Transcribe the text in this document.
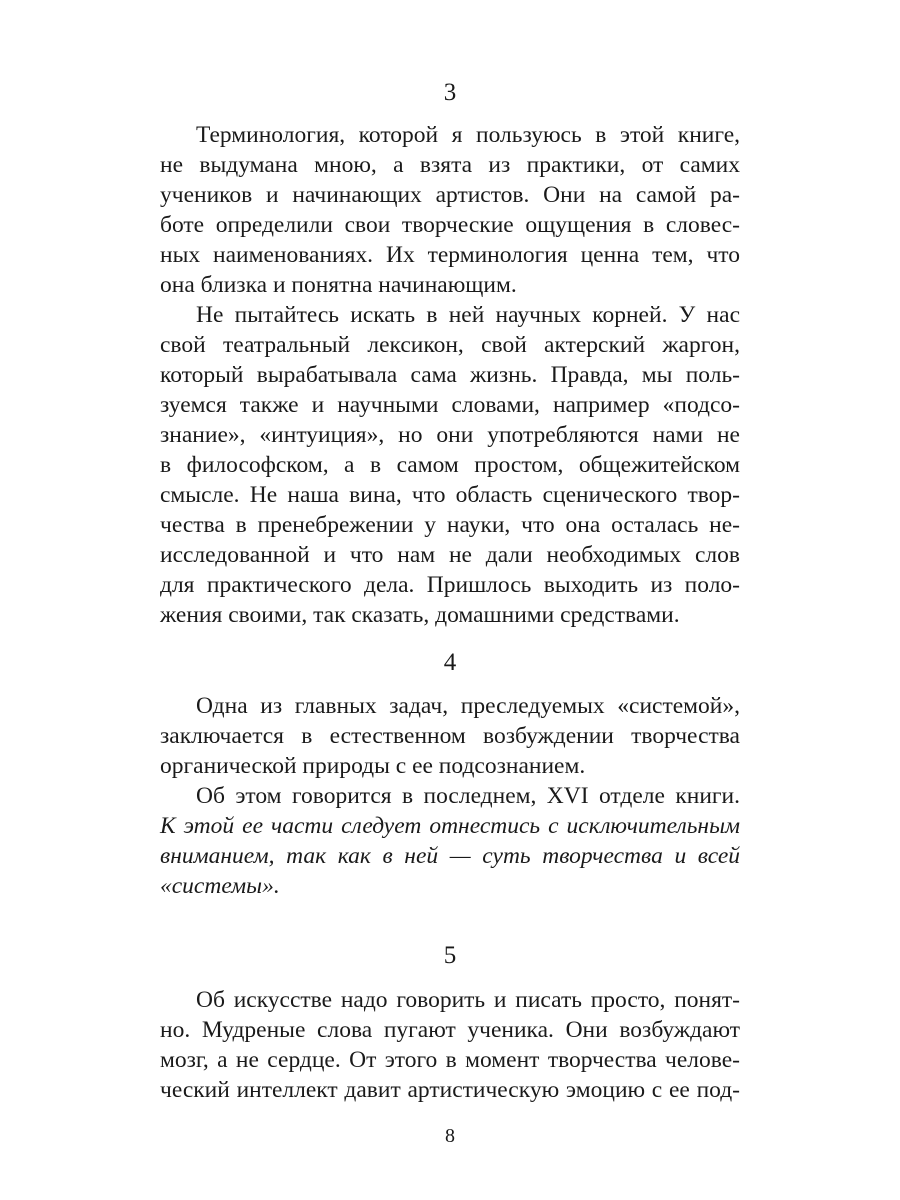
3
Терминология, которой я пользуюсь в этой книге,
не выдумана мною, а взята из практики, от самих
учеников и начинающих артистов. Они на самой ра-
боте определили свои творческие ощущения в словес-
ных наименованиях. Их терминология ценна тем, что
она близка и понятна начинающим.
Не пытайтесь искать в ней научных корней. У нас
свой театральный лексикон, свой актерский жаргон,
который вырабатывала сама жизнь. Правда, мы поль-
зуемся также и научными словами, например «подсо-
знание», «интуиция», но они употребляются нами не
в философском, а в самом простом, общежитейском
смысле. Не наша вина, что область сценического твор-
чества в пренебрежении у науки, что она осталась не-
исследованной и что нам не дали необходимых слов
для практического дела. Пришлось выходить из поло-
жения своими, так сказать, домашними средствами.
4
Одна из главных задач, преследуемых «системой»,
заключается в естественном возбуждении творчества
органической природы с ее подсознанием.
Об этом говорится в последнем, XVI отделе книги.
К этой ее части следует отнестись с исключительным
вниманием, так как в ней — суть творчества и всей
«системы».
5
Об искусстве надо говорить и писать просто, понят-
но. Мудреные слова пугают ученика. Они возбуждают
мозг, а не сердце. От этого в момент творчества челове-
ческий интеллект давит артистическую эмоцию с ее под-
8
